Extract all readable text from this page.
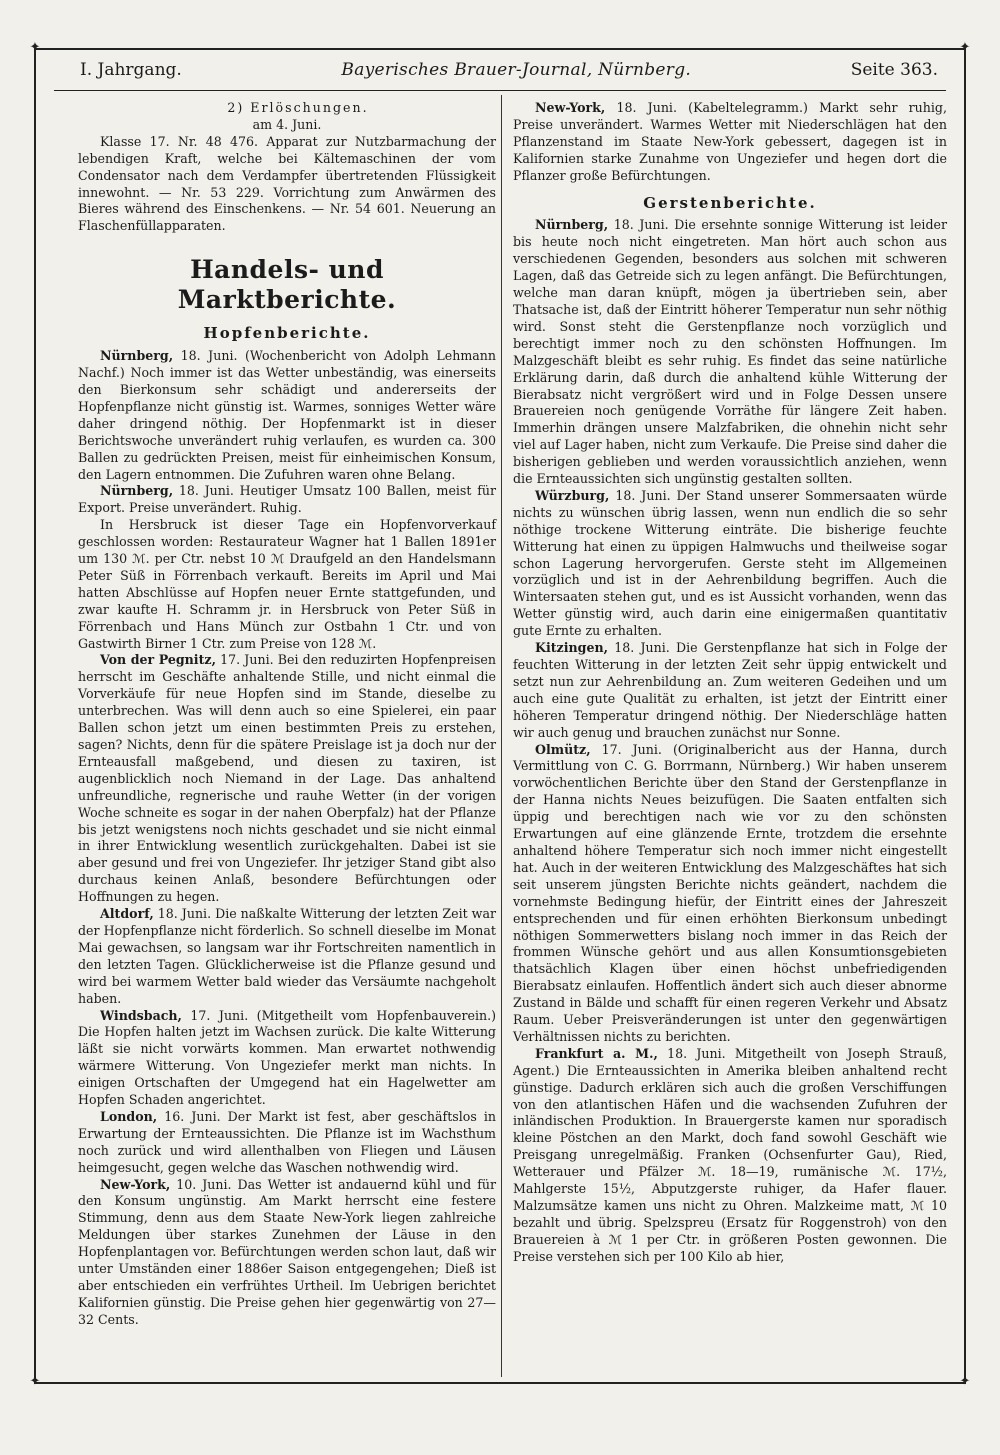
✦	✦
✦	✦
I. Jahrgang.	Bayerisches Brauer-Journal, Nürnberg.	Seite 363.

2) Erlöschungen.

am 4. Juni.

Klasse 17. Nr. 48 476. Apparat zur Nutzbarmachung der lebendigen Kraft, welche bei Kältemaschinen der vom Condensator nach dem Verdampfer übertretenden Flüssigkeit innewohnt. — Nr. 53 229. Vorrichtung zum Anwärmen des Bieres während des Einschenkens. — Nr. 54 601. Neuerung an Flaschenfüllapparaten.

Handels- und Marktberichte.
Hopfenberichte.

Nürnberg, 18. Juni. (Wochenbericht von Adolph Lehmann Nachf.) Noch immer ist das Wetter unbeständig, was einerseits den Bierkonsum sehr schädigt und andererseits der Hopfenpflanze nicht günstig ist. Warmes, sonniges Wetter wäre daher dringend nöthig. Der Hopfenmarkt ist in dieser Berichtswoche unverändert ruhig verlaufen, es wurden ca. 300 Ballen zu gedrückten Preisen, meist für einheimischen Konsum, den Lagern entnommen. Die Zufuhren waren ohne Belang.

Nürnberg, 18. Juni. Heutiger Umsatz 100 Ballen, meist für Export. Preise unverändert. Ruhig.

In Hersbruck ist dieser Tage ein Hopfenvorverkauf geschlossen worden: Restaurateur Wagner hat 1 Ballen 1891er um 130 ℳ. per Ctr. nebst 10 ℳ Draufgeld an den Handelsmann Peter Süß in Förrenbach verkauft. Bereits im April und Mai hatten Abschlüsse auf Hopfen neuer Ernte stattgefunden, und zwar kaufte H. Schramm jr. in Hersbruck von Peter Süß in Förrenbach und Hans Münch zur Ostbahn 1 Ctr. und von Gastwirth Birner 1 Ctr. zum Preise von 128 ℳ.

Von der Pegnitz, 17. Juni. Bei den reduzirten Hopfenpreisen herrscht im Geschäfte anhaltende Stille, und nicht einmal die Vorverkäufe für neue Hopfen sind im Stande, dieselbe zu unterbrechen. Was will denn auch so eine Spielerei, ein paar Ballen schon jetzt um einen bestimmten Preis zu erstehen, sagen? Nichts, denn für die spätere Preislage ist ja doch nur der Ernteausfall maßgebend, und diesen zu taxiren, ist augenblicklich noch Niemand in der Lage. Das anhaltend unfreundliche, regnerische und rauhe Wetter (in der vorigen Woche schneite es sogar in der nahen Oberpfalz) hat der Pflanze bis jetzt wenigstens noch nichts geschadet und sie nicht einmal in ihrer Entwicklung wesentlich zurückgehalten. Dabei ist sie aber gesund und frei von Ungeziefer. Ihr jetziger Stand gibt also durchaus keinen Anlaß, besondere Befürchtungen oder Hoffnungen zu hegen.

Altdorf, 18. Juni. Die naßkalte Witterung der letzten Zeit war der Hopfenpflanze nicht förderlich. So schnell dieselbe im Monat Mai gewachsen, so langsam war ihr Fortschreiten namentlich in den letzten Tagen. Glücklicherweise ist die Pflanze gesund und wird bei warmem Wetter bald wieder das Versäumte nachgeholt haben.

Windsbach, 17. Juni. (Mitgetheilt vom Hopfenbauverein.) Die Hopfen halten jetzt im Wachsen zurück. Die kalte Witterung läßt sie nicht vorwärts kommen. Man erwartet nothwendig wärmere Witterung. Von Ungeziefer merkt man nichts. In einigen Ortschaften der Umgegend hat ein Hagelwetter am Hopfen Schaden angerichtet.

London, 16. Juni. Der Markt ist fest, aber geschäftslos in Erwartung der Ernteaussichten. Die Pflanze ist im Wachsthum noch zurück und wird allenthalben von Fliegen und Läusen heimgesucht, gegen welche das Waschen nothwendig wird.

New-York, 10. Juni. Das Wetter ist andauernd kühl und für den Konsum ungünstig. Am Markt herrscht eine festere Stimmung, denn aus dem Staate New-York liegen zahlreiche Meldungen über starkes Zunehmen der Läuse in den Hopfenplantagen vor. Befürchtungen werden schon laut, daß wir unter Umständen einer 1886er Saison entgegengehen; Dieß ist aber entschieden ein verfrühtes Urtheil. Im Uebrigen berichtet Kalifornien günstig. Die Preise gehen hier gegenwärtig von 27—32 Cents.

New-York, 18. Juni. (Kabeltelegramm.) Markt sehr ruhig, Preise unverändert. Warmes Wetter mit Niederschlägen hat den Pflanzenstand im Staate New-York gebessert, dagegen ist in Kalifornien starke Zunahme von Ungeziefer und hegen dort die Pflanzer große Befürchtungen.

Gerstenberichte.

Nürnberg, 18. Juni. Die ersehnte sonnige Witterung ist leider bis heute noch nicht eingetreten. Man hört auch schon aus verschiedenen Gegenden, besonders aus solchen mit schweren Lagen, daß das Getreide sich zu legen anfängt. Die Befürchtungen, welche man daran knüpft, mögen ja übertrieben sein, aber Thatsache ist, daß der Eintritt höherer Temperatur nun sehr nöthig wird. Sonst steht die Gerstenpflanze noch vorzüglich und berechtigt immer noch zu den schönsten Hoffnungen. Im Malzgeschäft bleibt es sehr ruhig. Es findet das seine natürliche Erklärung darin, daß durch die anhaltend kühle Witterung der Bierabsatz nicht vergrößert wird und in Folge Dessen unsere Brauereien noch genügende Vorräthe für längere Zeit haben. Immerhin drängen unsere Malzfabriken, die ohnehin nicht sehr viel auf Lager haben, nicht zum Verkaufe. Die Preise sind daher die bisherigen geblieben und werden voraussichtlich anziehen, wenn die Ernteaussichten sich ungünstig gestalten sollten.

Würzburg, 18. Juni. Der Stand unserer Sommersaaten würde nichts zu wünschen übrig lassen, wenn nun endlich die so sehr nöthige trockene Witterung einträte. Die bisherige feuchte Witterung hat einen zu üppigen Halmwuchs und theilweise sogar schon Lagerung hervorgerufen. Gerste steht im Allgemeinen vorzüglich und ist in der Aehrenbildung begriffen. Auch die Wintersaaten stehen gut, und es ist Aussicht vorhanden, wenn das Wetter günstig wird, auch darin eine einigermaßen quantitativ gute Ernte zu erhalten.

Kitzingen, 18. Juni. Die Gerstenpflanze hat sich in Folge der feuchten Witterung in der letzten Zeit sehr üppig entwickelt und setzt nun zur Aehrenbildung an. Zum weiteren Gedeihen und um auch eine gute Qualität zu erhalten, ist jetzt der Eintritt einer höheren Temperatur dringend nöthig. Der Niederschläge hatten wir auch genug und brauchen zunächst nur Sonne.

Olmütz, 17. Juni. (Originalbericht aus der Hanna, durch Vermittlung von C. G. Borrmann, Nürnberg.) Wir haben unserem vorwöchentlichen Berichte über den Stand der Gerstenpflanze in der Hanna nichts Neues beizufügen. Die Saaten entfalten sich üppig und berechtigen nach wie vor zu den schönsten Erwartungen auf eine glänzende Ernte, trotzdem die ersehnte anhaltend höhere Temperatur sich noch immer nicht eingestellt hat. Auch in der weiteren Entwicklung des Malzgeschäftes hat sich seit unserem jüngsten Berichte nichts geändert, nachdem die vornehmste Bedingung hiefür, der Eintritt eines der Jahreszeit entsprechenden und für einen erhöhten Bierkonsum unbedingt nöthigen Sommerwetters bislang noch immer in das Reich der frommen Wünsche gehört und aus allen Konsumtionsgebieten thatsächlich Klagen über einen höchst unbefriedigenden Bierabsatz einlaufen. Hoffentlich ändert sich auch dieser abnorme Zustand in Bälde und schafft für einen regeren Verkehr und Absatz Raum. Ueber Preisveränderungen ist unter den gegenwärtigen Verhältnissen nichts zu berichten.

Frankfurt a. M., 18. Juni. Mitgetheilt von Joseph Strauß, Agent.) Die Ernteaussichten in Amerika bleiben anhaltend recht günstige. Dadurch erklären sich auch die großen Verschiffungen von den atlantischen Häfen und die wachsenden Zufuhren der inländischen Produktion. In Brauergerste kamen nur sporadisch kleine Pöstchen an den Markt, doch fand sowohl Geschäft wie Preisgang unregelmäßig. Franken (Ochsenfurter Gau), Ried, Wetterauer und Pfälzer ℳ. 18—19, rumänische ℳ. 17½, Mahlgerste 15½, Abputzgerste ruhiger, da Hafer flauer. Malzumsätze kamen uns nicht zu Ohren. Malzkeime matt, ℳ 10 bezahlt und übrig. Spelzspreu (Ersatz für Roggenstroh) von den Brauereien à ℳ 1 per Ctr. in größeren Posten gewonnen. Die Preise verstehen sich per 100 Kilo ab hier,
